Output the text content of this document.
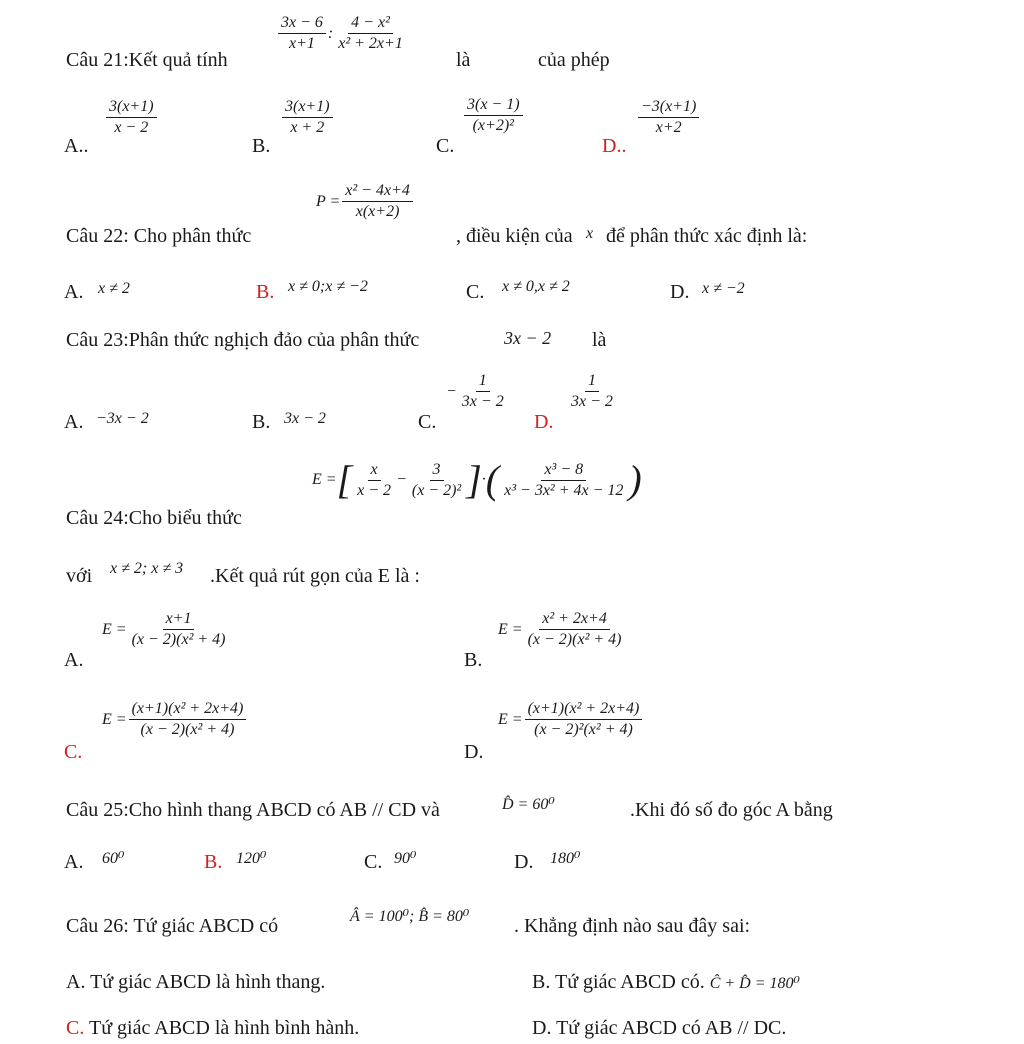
Câu 21:Kết quả tính
$\frac{3x - 6}{x+1}$ : $\frac{\text{4 − x²}}{\text{x² + 2x+1}}$
là	của phép
A..
$\frac{3(x+1)}{x - 2}$
B.
$\frac{3(x+1)}{x + 2}$
C.
$\frac{3(x - 1)}{\text{(x+2)²}}$
D..
$\frac{-3(x+1)}{x+2}$
Câu 22: Cho phân thức
$P = \frac{\text{x² − 4x+4}}{x(x+2)}$
, điều kiện của x để phân thức xác định là:
A. x ≠ 2	B. x ≠ 0;x ≠ −2	C. x ≠ 0,x ≠ 2	D. x ≠ −2
Câu 23:Phân thức nghịch đảo của phân thức	3x − 2 là
A. −3x − 2	B. 3x − 2	C.
− $\frac{1}{3x - 2}$
D.
$\frac{1}{3x - 2}$
Câu 24:Cho biểu thức
E = [ $\frac{x}{x - 2} - \frac{3}{\text{(x − 2)²}}$ ] · ( $\frac{\text{x³ − 8}}{\text{x³ − 3x² + 4x − 12}}$ )
với x ≠ 2; x ≠ 3 .Kết quả rút gọn của E là :
A.
$E = \frac{x+1}{\text{(x − 2)(x² + 4)}}$
B.
$E = \frac{\text{x² + 2x+4}}{\text{(x − 2)(x² + 4)}}$
C.
$E = \frac{\text{(x+1)(x² + 2x+4)}}{\text{(x − 2)(x² + 4)}}$
D.
$E = \frac{\text{(x+1)(x² + 2x+4)}}{\text{(x − 2)²(x² + 4)}}$
Câu 25:Cho hình thang ABCD có AB // CD và	D̂ = 60⁰	.Khi đó số đo góc A bằng
A. 60⁰	B. 120⁰	C. 90⁰	D. 180⁰
Câu 26: Tứ giác ABCD có	Â = 100⁰; B̂ = 80⁰ . Khẳng định nào sau đây sai:
A. Tứ giác ABCD là hình thang.	B. Tứ giác ABCD có. Ĉ + D̂ = 180⁰
C. Tứ giác ABCD là hình bình hành.	D. Tứ giác ABCD có AB // DC.
